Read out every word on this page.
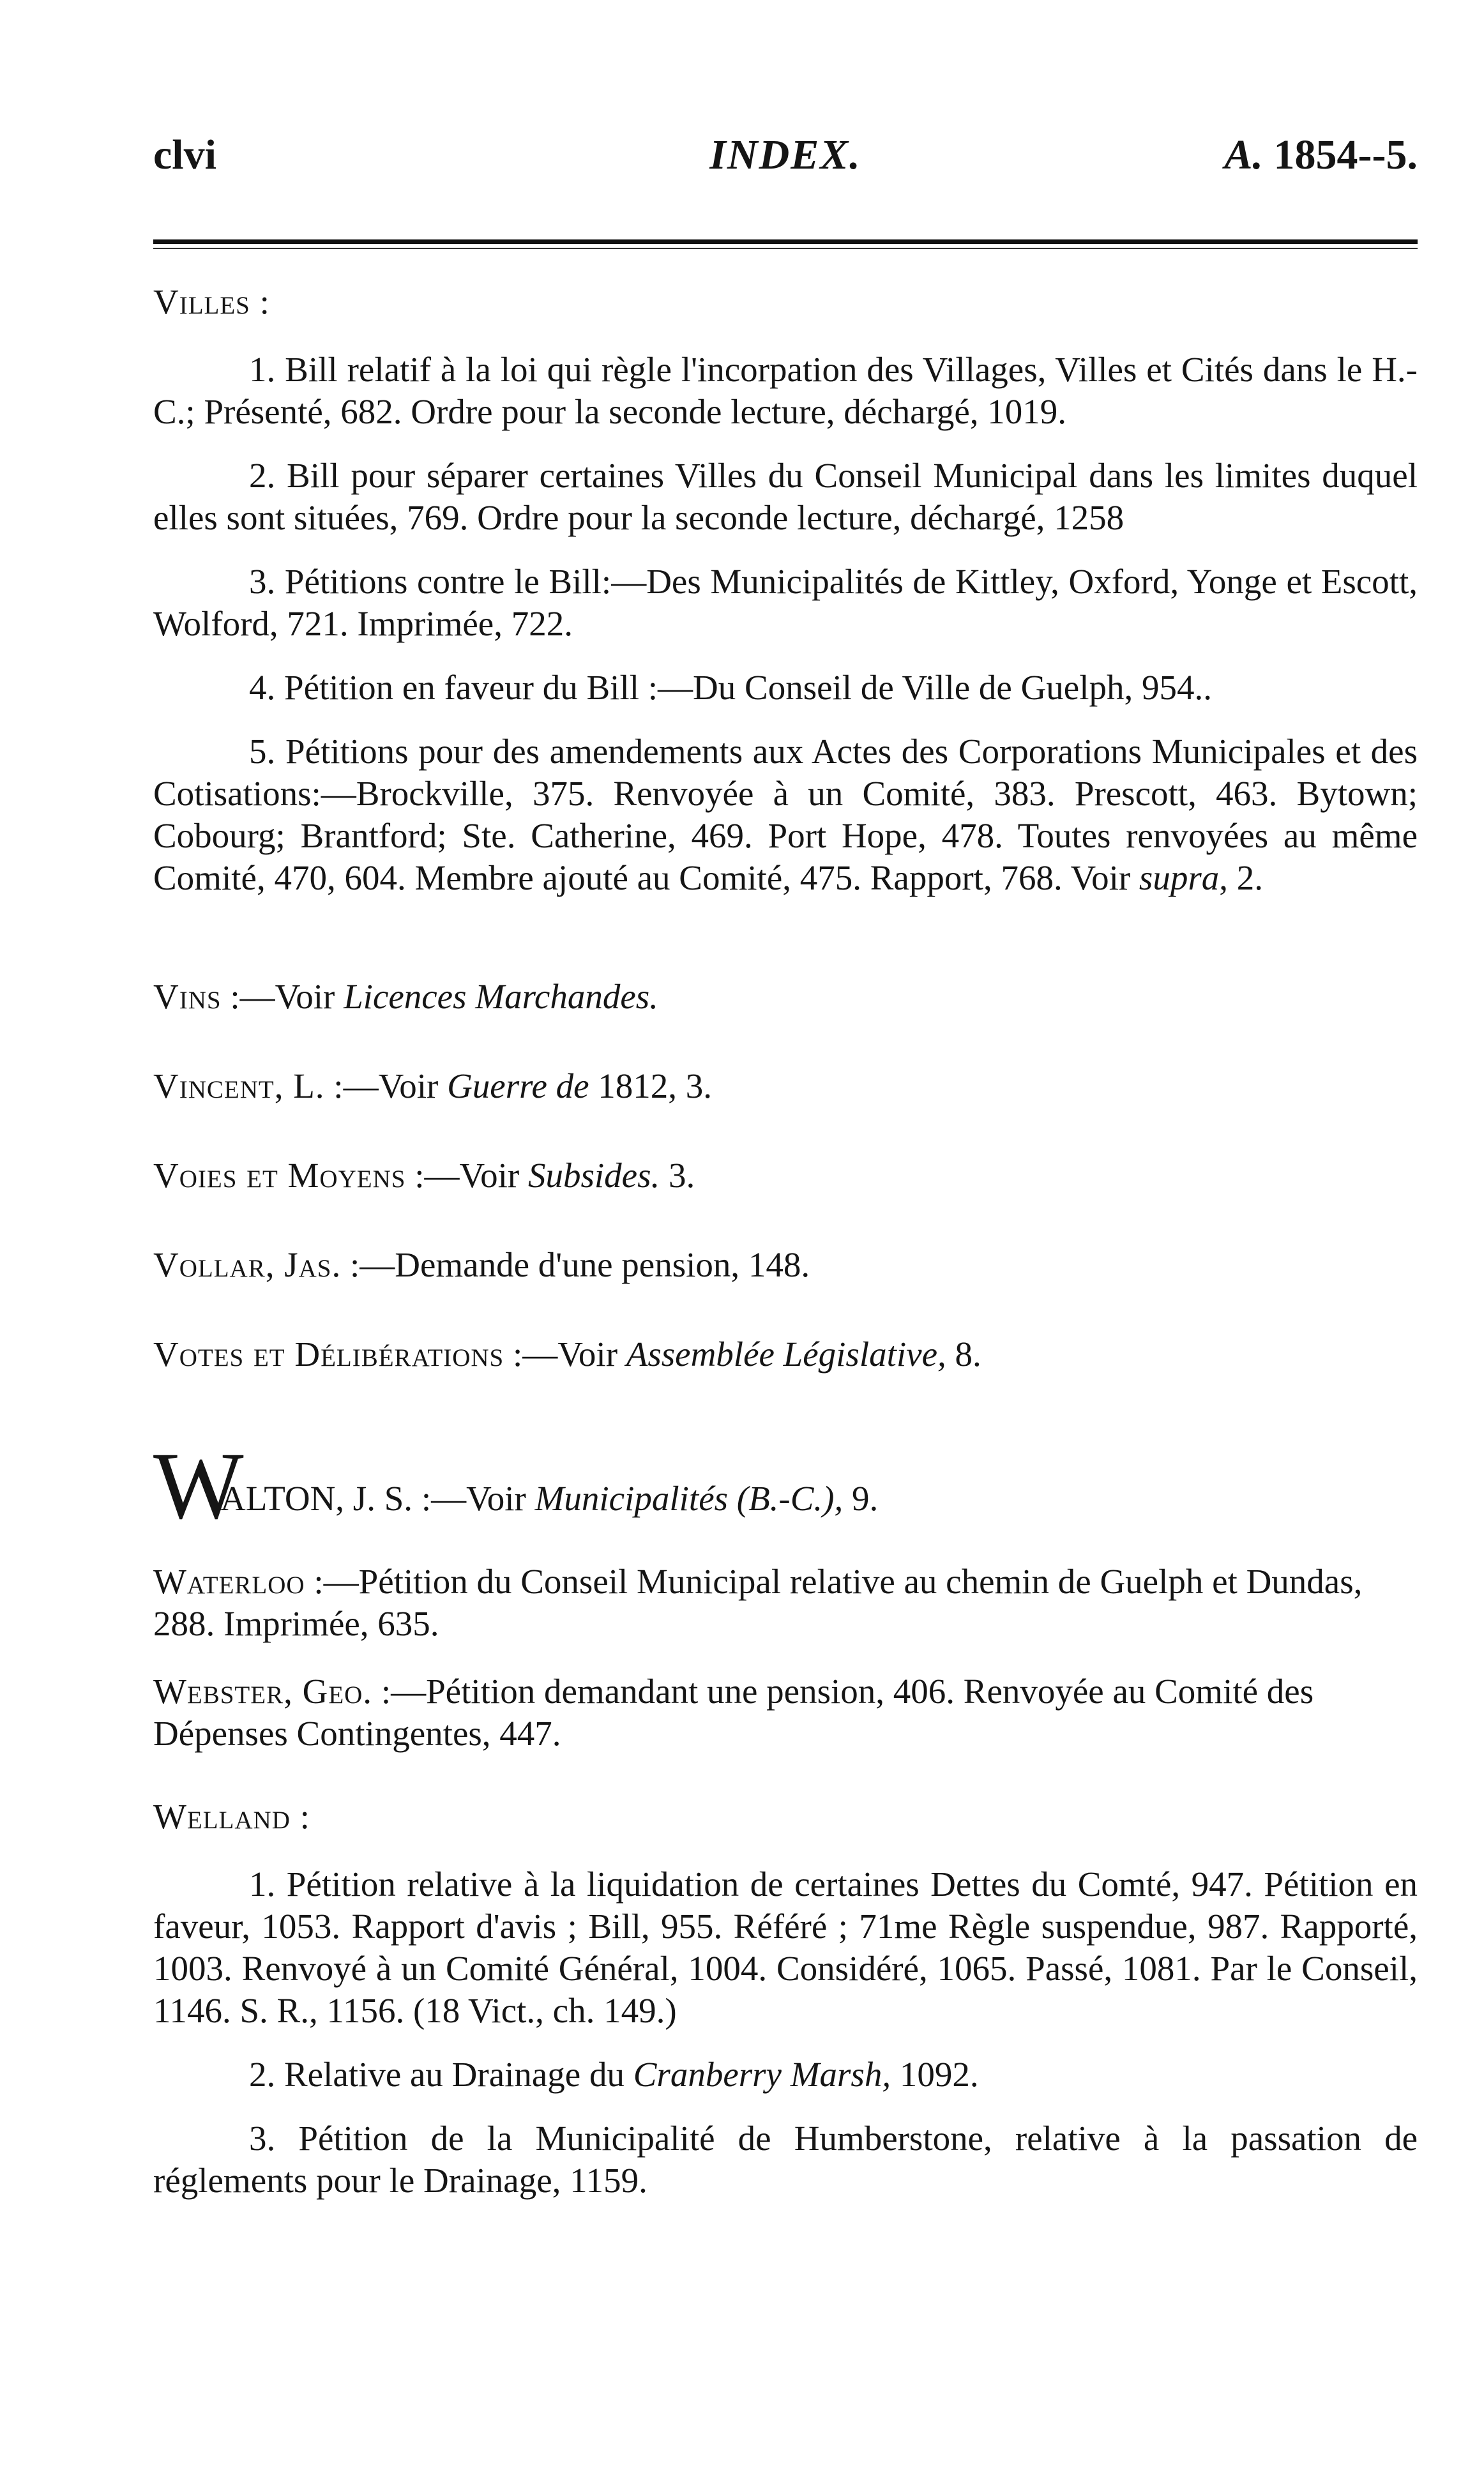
clvi	INDEX.	A. 1854--5.
Villes :

1. Bill relatif à la loi qui règle l'incorpation des Villages, Villes et Cités dans le H.-C.; Présenté, 682. Ordre pour la seconde lecture, déchargé, 1019.

2. Bill pour séparer certaines Villes du Conseil Municipal dans les limites duquel elles sont situées, 769. Ordre pour la seconde lecture, déchargé, 1258

3. Pétitions contre le Bill:—Des Municipalités de Kittley, Oxford, Yonge et Escott, Wolford, 721. Imprimée, 722.

4. Pétition en faveur du Bill :—Du Conseil de Ville de Guelph, 954..

5. Pétitions pour des amendements aux Actes des Corporations Municipales et des Cotisations:—Brockville, 375. Renvoyée à un Comité, 383. Prescott, 463. Bytown; Cobourg; Brantford; Ste. Catherine, 469. Port Hope, 478. Toutes renvoyées au même Comité, 470, 604. Membre ajouté au Comité, 475. Rapport, 768. Voir supra, 2.

Vins :—Voir Licences Marchandes.
Vincent, L. :—Voir Guerre de 1812, 3.
Voies et Moyens :—Voir Subsides. 3.
Vollar, Jas. :—Demande d'une pension, 148.
Votes et Délibérations :—Voir Assemblée Législative, 8.
W
ALTON, J. S. :—Voir Municipalités (B.-C.), 9.
Waterloo :—Pétition du Conseil Municipal relative au chemin de Guelph et Dundas, 288. Imprimée, 635.
Webster, Geo. :—Pétition demandant une pension, 406. Renvoyée au Comité des Dépenses Contingentes, 447.
Welland :

1. Pétition relative à la liquidation de certaines Dettes du Comté, 947. Pétition en faveur, 1053. Rapport d'avis ; Bill, 955. Référé ; 71me Règle suspendue, 987. Rapporté, 1003. Renvoyé à un Comité Général, 1004. Considéré, 1065. Passé, 1081. Par le Conseil, 1146. S. R., 1156. (18 Vict., ch. 149.)

2. Relative au Drainage du Cranberry Marsh, 1092.

3. Pétition de la Municipalité de Humberstone, relative à la passation de réglements pour le Drainage, 1159.
